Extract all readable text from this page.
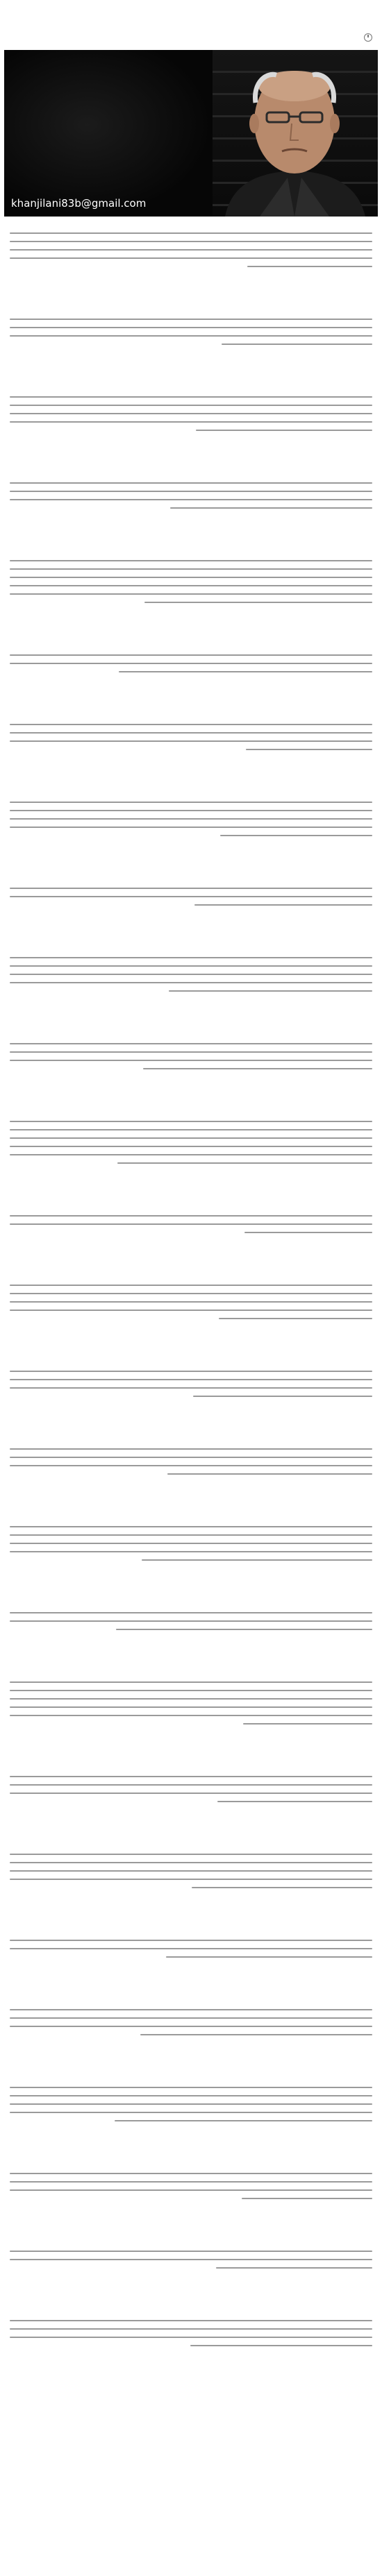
khanjilani83b@gmail.com
